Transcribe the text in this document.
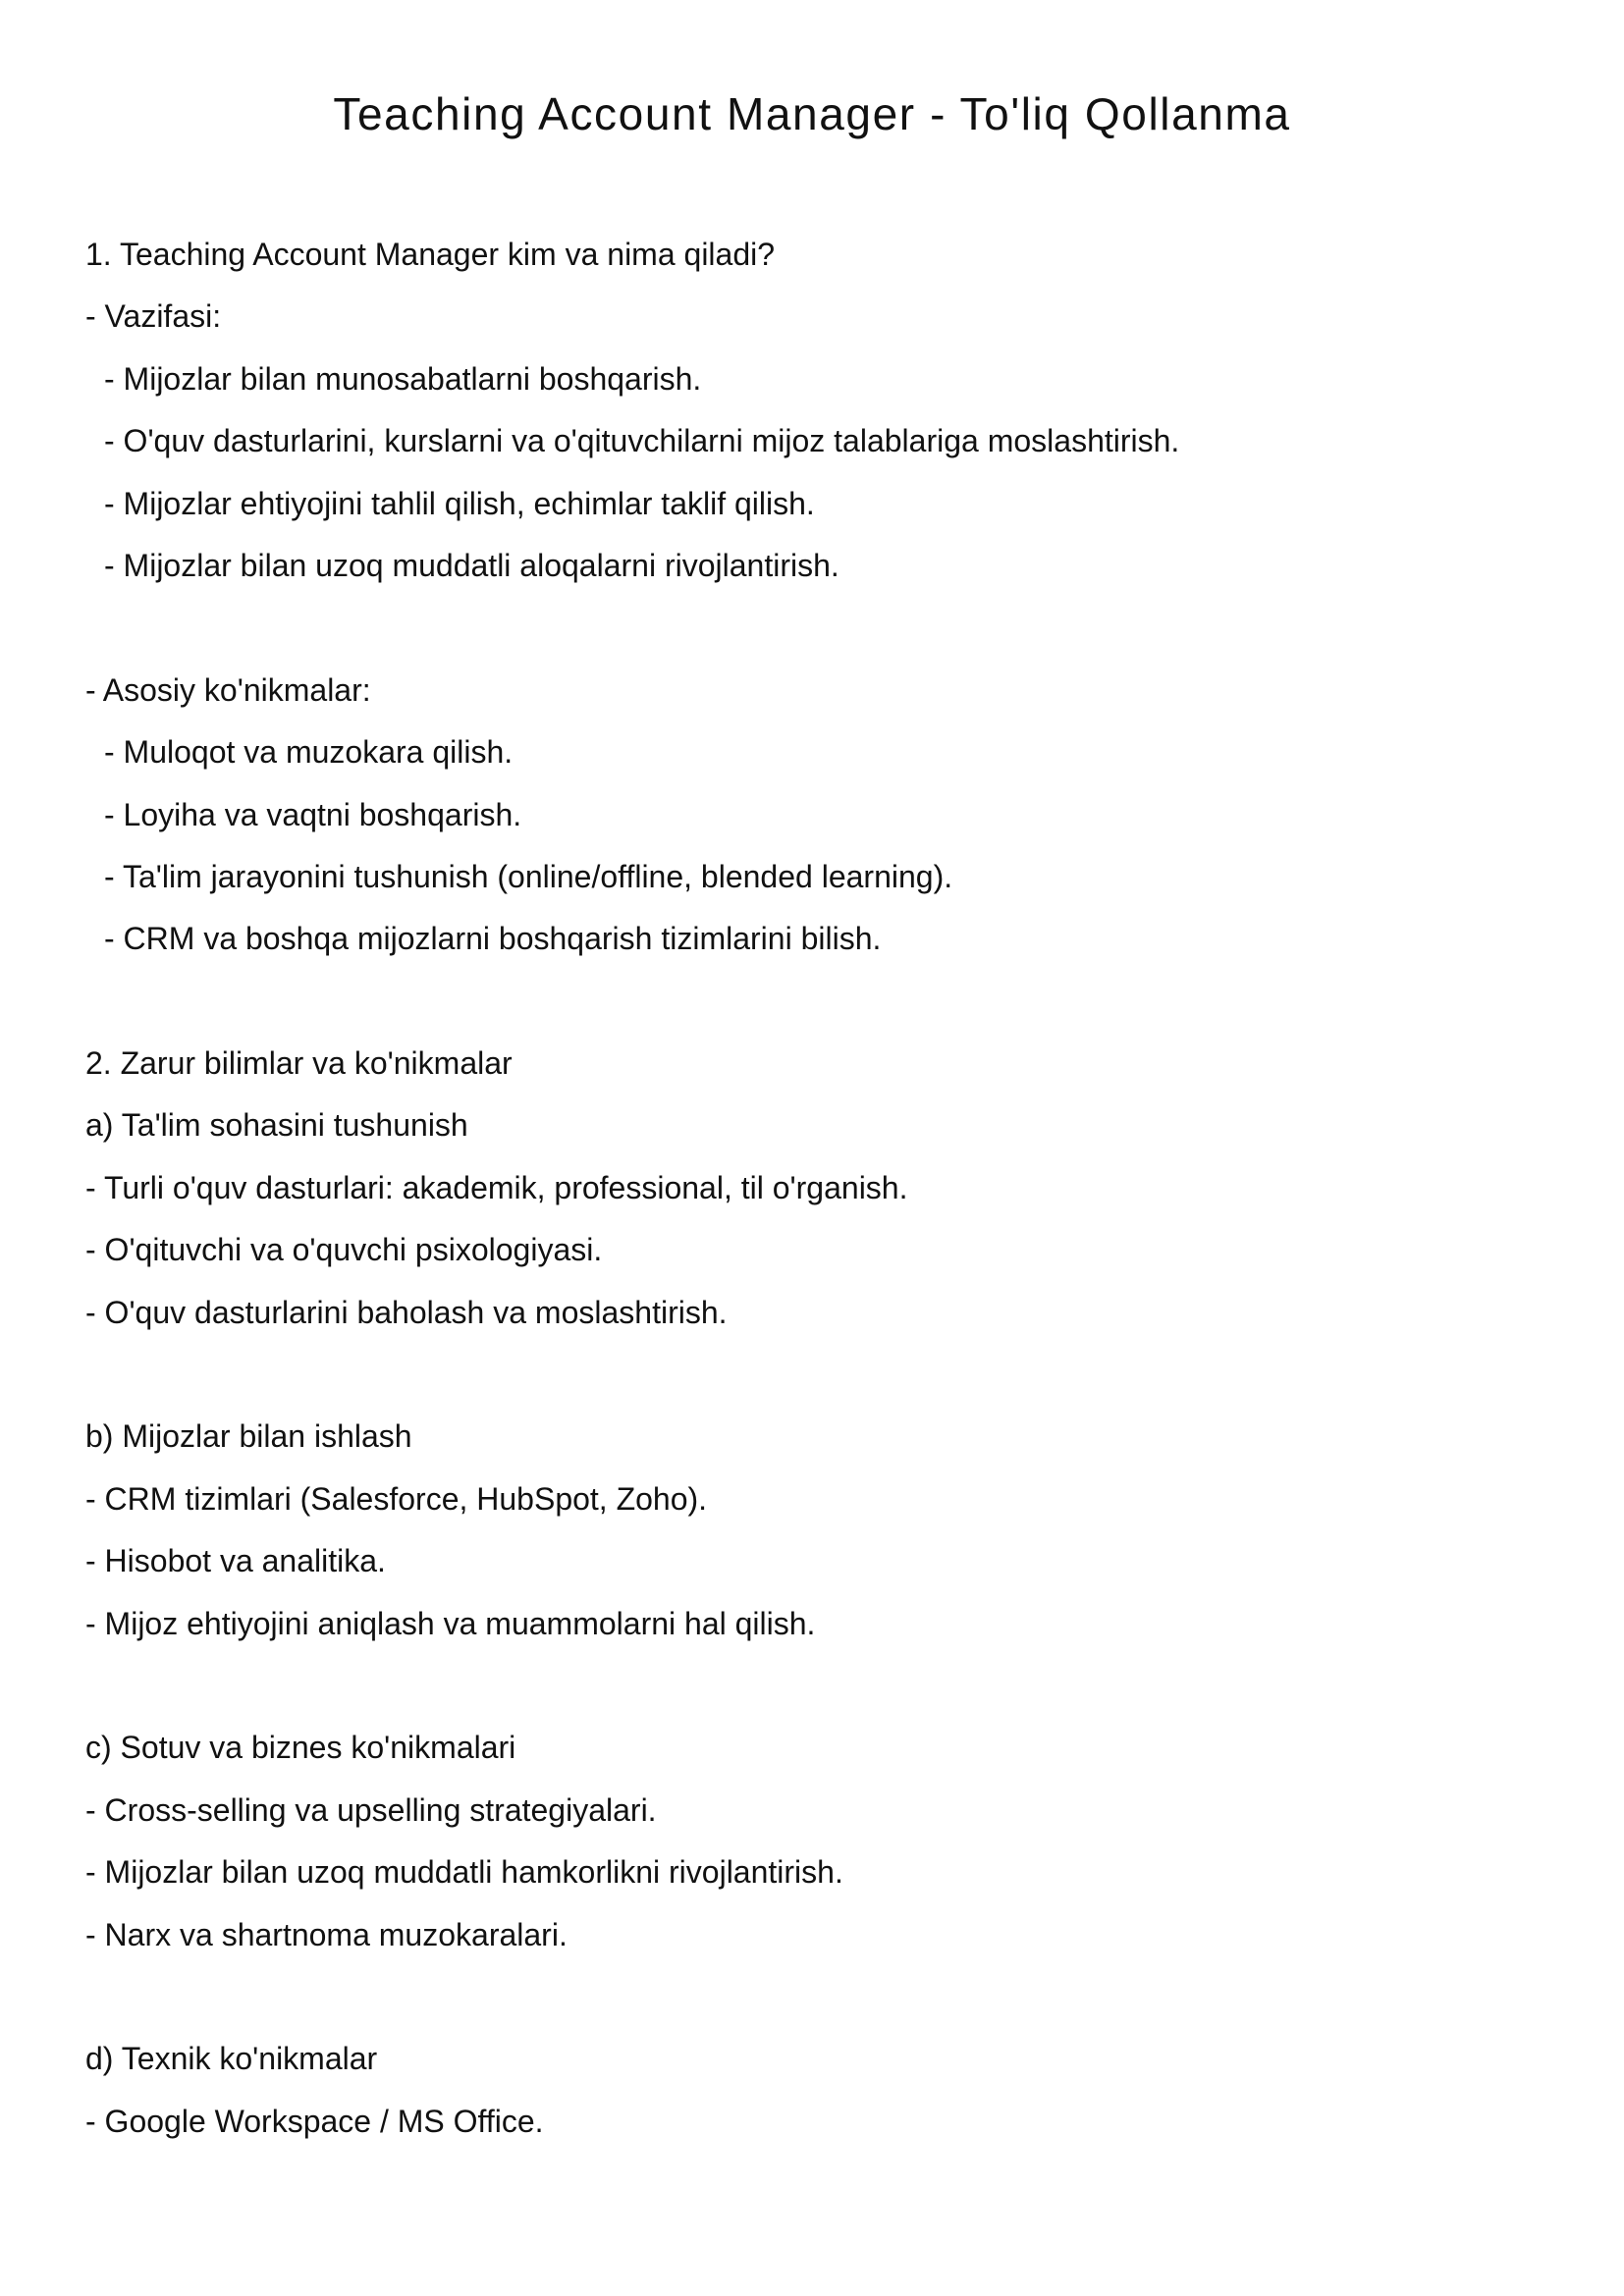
Teaching Account Manager - To'liq Qollanma
1. Teaching Account Manager kim va nima qiladi?
- Vazifasi:
- Mijozlar bilan munosabatlarni boshqarish.
- O'quv dasturlarini, kurslarni va o'qituvchilarni mijoz talablariga moslashtirish.
- Mijozlar ehtiyojini tahlil qilish, echimlar taklif qilish.
- Mijozlar bilan uzoq muddatli aloqalarni rivojlantirish.
- Asosiy ko'nikmalar:
- Muloqot va muzokara qilish.
- Loyiha va vaqtni boshqarish.
- Ta'lim jarayonini tushunish (online/offline, blended learning).
- CRM va boshqa mijozlarni boshqarish tizimlarini bilish.
2. Zarur bilimlar va ko'nikmalar
a) Ta'lim sohasini tushunish
- Turli o'quv dasturlari: akademik, professional, til o'rganish.
- O'qituvchi va o'quvchi psixologiyasi.
- O'quv dasturlarini baholash va moslashtirish.
b) Mijozlar bilan ishlash
- CRM tizimlari (Salesforce, HubSpot, Zoho).
- Hisobot va analitika.
- Mijoz ehtiyojini aniqlash va muammolarni hal qilish.
c) Sotuv va biznes ko'nikmalari
- Cross-selling va upselling strategiyalari.
- Mijozlar bilan uzoq muddatli hamkorlikni rivojlantirish.
- Narx va shartnoma muzokaralari.
d) Texnik ko'nikmalar
- Google Workspace / MS Office.
